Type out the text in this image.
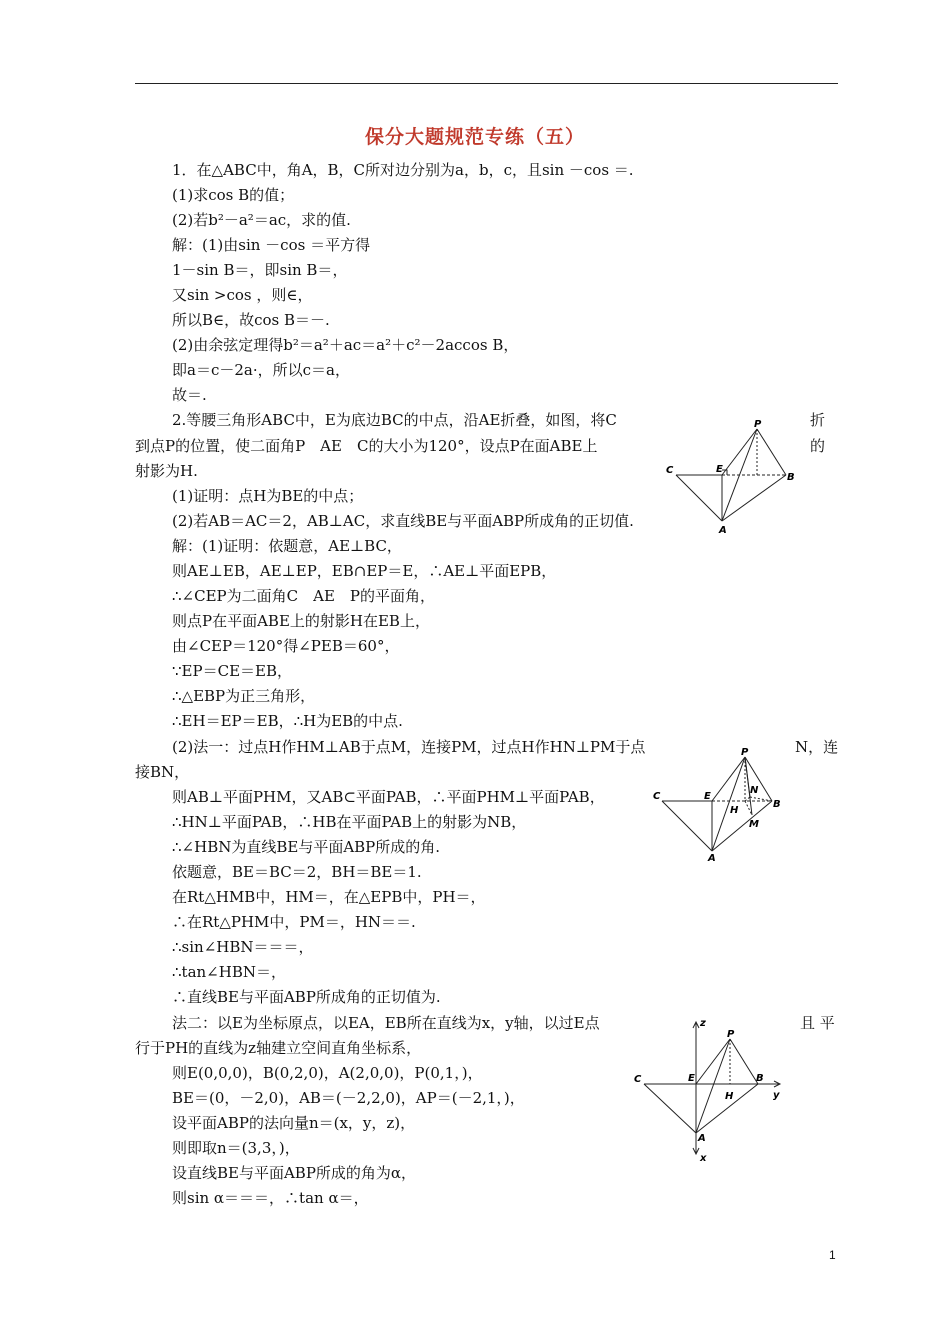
保分大题规范专练（五）
1．在△ABC中，角A，B，C所对边分别为a，b，c，且sin －cos ＝.
(1)求cos B的值；
(2)若b²－a²＝ac，求的值.
解：(1)由sin －cos ＝平方得
1－sin B＝，即sin B＝，
又sin >cos ，则∈，
所以B∈，故cos B＝－.
(2)由余弦定理得b²＝a²＋ac＝a²＋c²－2accos B，
即a＝c－2a·，所以c＝a，
故＝.
2.等腰三角形ABC中，E为底边BC的中点，沿AE折叠，如图，将C
到点P的位置，使二面角P　AE　C的大小为120°，设点P在面ABE上
射影为H.
(1)证明：点H为BE的中点；
(2)若AB＝AC＝2，AB⊥AC，求直线BE与平面ABP所成角的正切值.
解：(1)证明：依题意，AE⊥BC，
则AE⊥EB，AE⊥EP，EB∩EP＝E，∴AE⊥平面EPB，
∴∠CEP为二面角C　AE　P的平面角，
则点P在平面ABE上的射影H在EB上，
由∠CEP＝120°得∠PEB＝60°，
∵EP＝CE＝EB，
∴△EBP为正三角形，
∴EH＝EP＝EB，∴H为EB的中点.
(2)法一：过点H作HM⊥AB于点M，连接PM，过点H作HN⊥PM于点
接BN，
则AB⊥平面PHM，又AB⊂平面PAB，∴平面PHM⊥平面PAB，
∴HN⊥平面PAB，∴HB在平面PAB上的射影为NB，
∴∠HBN为直线BE与平面ABP所成的角.
依题意，BE＝BC＝2，BH＝BE＝1.
在Rt△HMB中，HM＝，在△EPB中，PH＝，
∴在Rt△PHM中，PM＝，HN＝＝.
∴sin∠HBN＝＝＝，
∴tan∠HBN＝，
∴直线BE与平面ABP所成角的正切值为.
法二：以E为坐标原点，以EA，EB所在直线为x，y轴，以过E点
行于PH的直线为z轴建立空间直角坐标系，
则E(0,0,0)，B(0,2,0)，A(2,0,0)，P(0,1，)，
BE＝(0，－2,0)，AB＝(－2,2,0)，AP＝(－2,1，)，
设平面ABP的法向量n＝(x，y，z)，
则即取n＝(3,3，)，
设直线BE与平面ABP所成的角为α，
则sin α＝＝＝，∴tan α＝，
折
的
N，连
且 平
P
C	E
B
A
P
C	E
N
B
H
M
A
z
P
C	E	B
y
H
A
x
1
